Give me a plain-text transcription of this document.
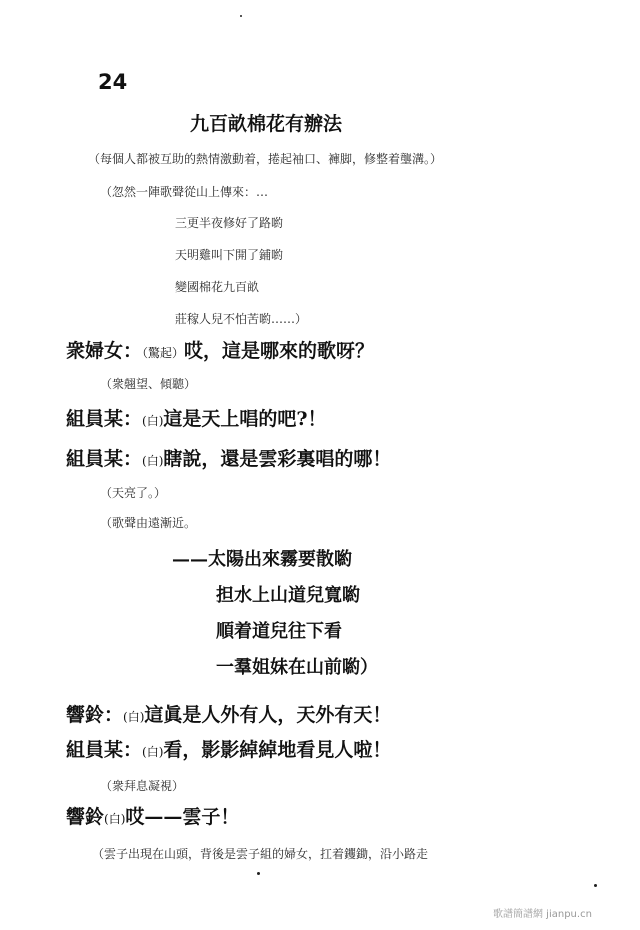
24
九百畝棉花有辦法
（每個人都被互助的熱情激動着，捲起袖口、褲脚，修整着壟溝。）
（忽然一陣歌聲從山上傳來：…
三更半夜修好了路喲
天明雞叫下開了鋪喲
變國棉花九百畝
莊稼人兒不怕苦喲……）
衆婦女：（驚起）哎，這是哪來的歌呀？
（衆翹望、傾聽）
組員某：(白)這是天上唱的吧?！
組員某：(白)瞎說，還是雲彩裏唱的哪！
（天亮了。）
（歌聲由遠漸近。
——太陽出來霧要散喲
担水上山道兒寬喲
順着道兒往下看
一羣姐妹在山前喲）
響鈴：(白)這眞是人外有人，天外有天！
組員某：(白)看，影影綽綽地看見人啦！
（衆拜息凝視）
響鈴(白)哎——雲子！
（雲子出現在山頭，背後是雲子組的婦女，扛着钁鋤，沿小路走
歌譜簡譜網 jianpu.cn
